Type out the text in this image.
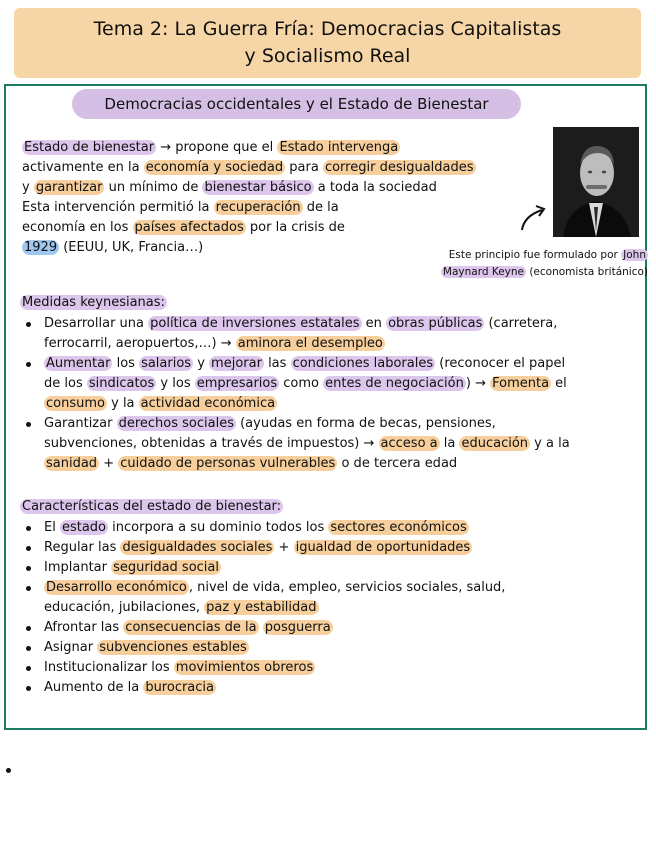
Tema 2: La Guerra Fría: Democracias Capitalistas
y Socialismo Real
Democracias occidentales y el Estado de Bienestar
Estado de bienestar → propone que el Estado intervenga
activamente en la economía y sociedad para corregir desigualdades
y garantizar un mínimo de bienestar básico a toda la sociedad
Esta intervención permitió la recuperación de la
economía en los países afectados por la crisis de
1929 (EEUU, UK, Francia…)	Este principio fue formulado por John
Maynard Keyne (economista británico)
Medidas keynesianas:
Desarrollar una política de inversiones estatales en obras públicas (carretera,
ferrocarril, aeropuertos,…) → aminora el desempleo
Aumentar los salarios y mejorar las condiciones laborales (reconocer el papel
de los sindicatos y los empresarios como entes de negociación ) → Fomenta el
consumo y la actividad económica
Garantizar derechos sociales (ayudas en forma de becas, pensiones,
subvenciones, obtenidas a través de impuestos) → acceso a la educación y a la
sanidad + cuidado de personas vulnerables o de tercera edad
Características del estado de bienestar:
El estado incorpora a su dominio todos los sectores económicos
Regular las desigualdades sociales + igualdad de oportunidades
Implantar seguridad social
Desarrollo económico , nivel de vida, empleo, servicios sociales, salud,
educación, jubilaciones, paz y estabilidad
Afrontar las consecuencias de la posguerra
Asignar subvenciones estables
Institucionalizar los movimientos obreros
Aumento de la burocracia
